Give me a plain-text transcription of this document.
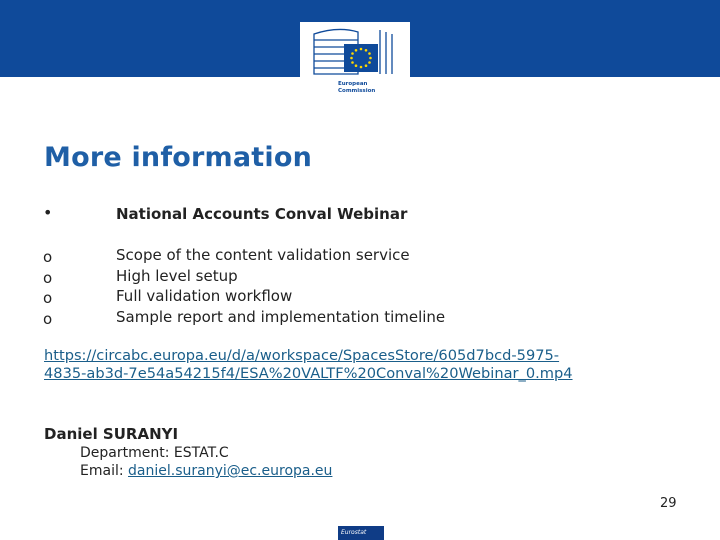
European
Commission
More information
•	National Accounts Conval Webinar
o
o
o
o
Scope of the content validation service
High level setup
Full validation workflow
Sample report and implementation timeline
https://circabc.europa.eu/d/a/workspace/SpacesStore/605d7bcd-5975-
4835-ab3d-7e54a54215f4/ESA%20VALTF%20Conval%20Webinar_0.mp4
Daniel SURANYI
Department: ESTAT.C
Email: daniel.suranyi@ec.europa.eu
29
Eurostat
